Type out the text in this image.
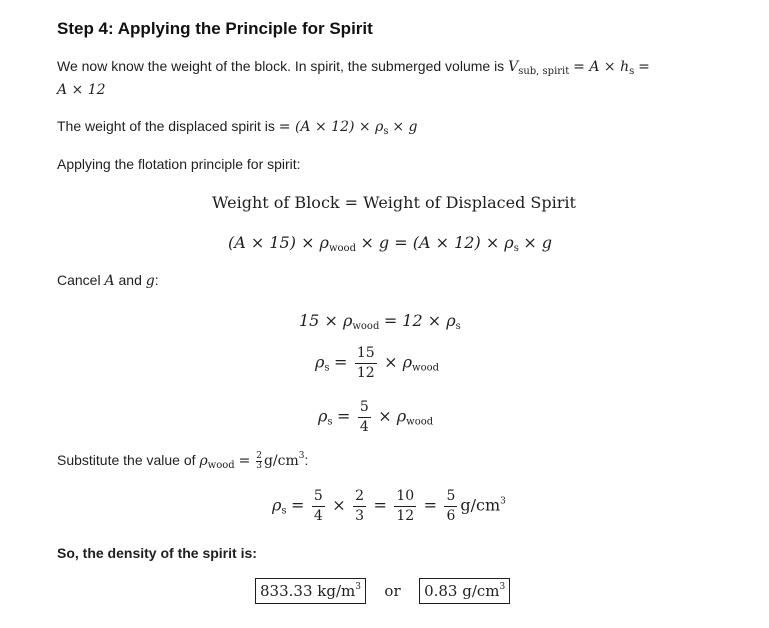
Step 4: Applying the Principle for Spirit
We now know the weight of the block. In spirit, the submerged volume is $V_{sub, spirit} = A \times h_s$ =
A × 12
The weight of the displaced spirit is = $(A \times 12) \times \rho_s \times g$
Applying the flotation principle for spirit:
Weight of Block = Weight of Displaced Spirit
$(A \times 15) \times \rho_{wood} \times g = (A \times 12) \times \rho_s \times g$
Cancel A and g:
$15 \times \rho_{wood} = 12 \times \rho_s$
$\rho_s = \frac{15}{12} \times \rho_{wood}$
$\rho_s = \frac{5}{4} \times \rho_{wood}$
Substitute the value of $\rho_{wood} = \frac{2}{3} g/cm^3$:
$\rho_s = \frac{5}{4} \times \frac{2}{3} = \frac{10}{12} = \frac{5}{6} g/cm^3$
So, the density of the spirit is:
833.33 $kg/m^3$ or 0.83 $g/cm^3$
